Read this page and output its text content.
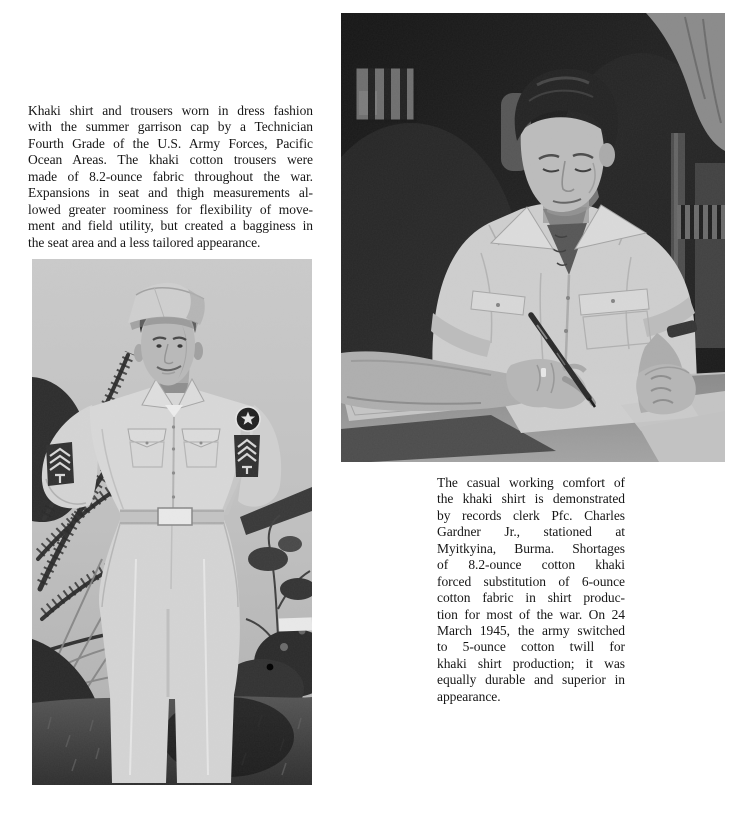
Khaki shirt and trousers worn in dress fashion
with the summer garrison cap by a Technician
Fourth Grade of the U.S. Army Forces, Pacific
Ocean Areas. The khaki cotton trousers were
made of 8.2-ounce fabric throughout the war.
Expansions in seat and thigh measurements al-
lowed greater roominess for flexibility of move-
ment and field utility, but created a bagginess in
the seat area and a less tailored appearance.
The casual working comfort of
the khaki shirt is demonstrated
by records clerk Pfc. Charles
Gardner Jr., stationed at
Myitkyina, Burma. Shortages
of 8.2-ounce cotton khaki
forced substitution of 6-ounce
cotton fabric in shirt produc-
tion for most of the war. On 24
March 1945, the army switched
to 5-ounce cotton twill for
khaki shirt production; it was
equally durable and superior in
appearance.
